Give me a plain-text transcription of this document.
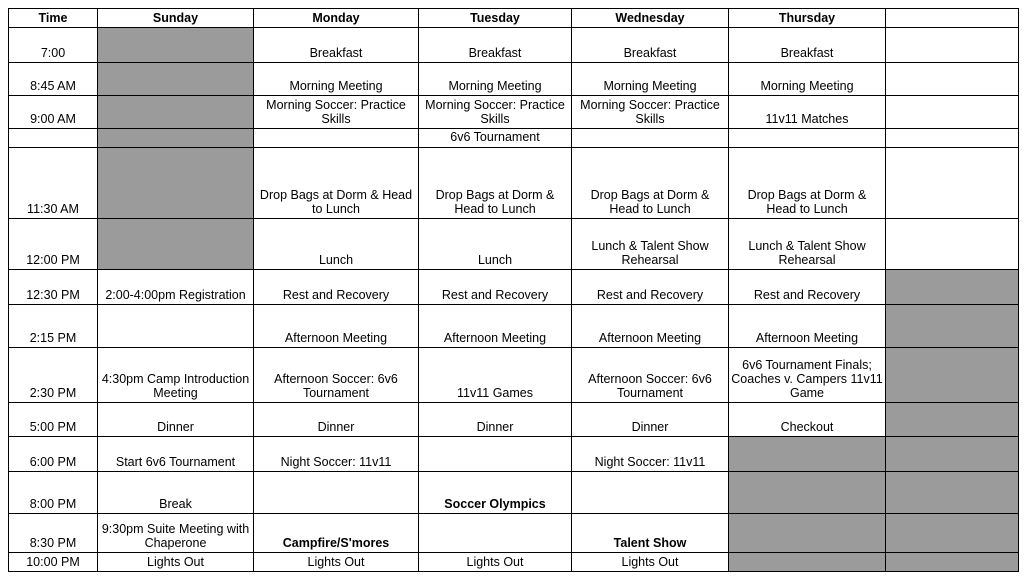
Time	Sunday	Monday	Tuesday	Wednesday	Thursday	
7:00		Breakfast	Breakfast	Breakfast	Breakfast	
8:45 AM		Morning Meeting	Morning Meeting	Morning Meeting	Morning Meeting	
9:00 AM		Morning Soccer: Practice Skills	Morning Soccer: Practice Skills	Morning Soccer: Practice Skills	11v11 Matches	
			6v6 Tournament			
11:30 AM		Drop Bags at Dorm & Head to Lunch	Drop Bags at Dorm & Head to Lunch	Drop Bags at Dorm & Head to Lunch	Drop Bags at Dorm & Head to Lunch	
12:00 PM		Lunch	Lunch	Lunch & Talent Show Rehearsal	Lunch & Talent Show Rehearsal	
12:30 PM	2:00-4:00pm Registration	Rest and Recovery	Rest and Recovery	Rest and Recovery	Rest and Recovery	
2:15 PM		Afternoon Meeting	Afternoon Meeting	Afternoon Meeting	Afternoon Meeting	
2:30 PM	4:30pm Camp Introduction Meeting	Afternoon Soccer: 6v6 Tournament	11v11 Games	Afternoon Soccer: 6v6 Tournament	6v6 Tournament Finals; Coaches v. Campers 11v11 Game	
5:00 PM	Dinner	Dinner	Dinner	Dinner	Checkout	
6:00 PM	Start 6v6 Tournament	Night Soccer: 11v11		Night Soccer: 11v11		
8:00 PM	Break		Soccer Olympics			
8:30 PM	9:30pm Suite Meeting with Chaperone	Campfire/S'mores		Talent Show		
10:00 PM	Lights Out	Lights Out	Lights Out	Lights Out		
